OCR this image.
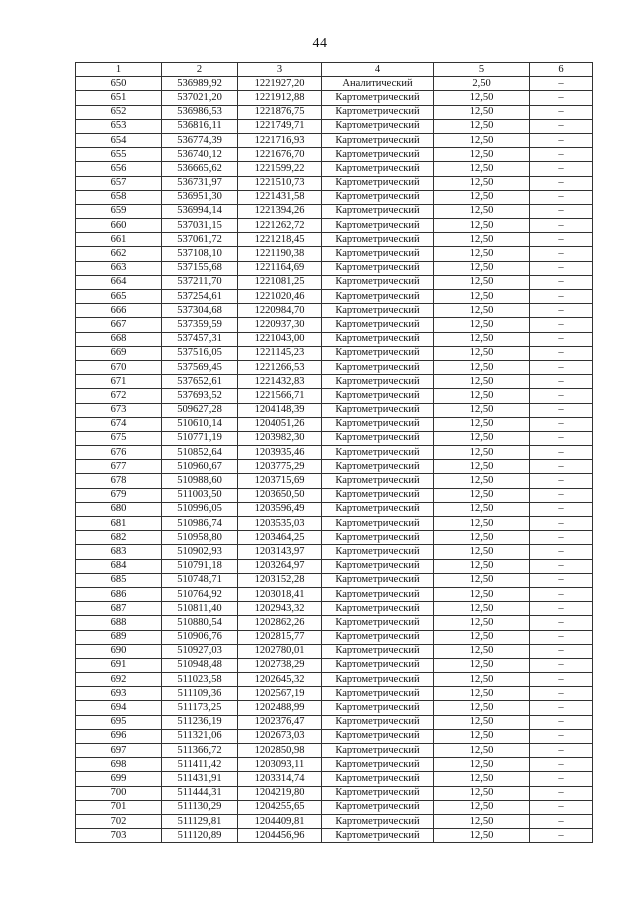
44
1	2	3	4	5	6
650	536989,92	1221927,20	Аналитический	2,50	–
651	537021,20	1221912,88	Картометрический	12,50	–
652	536986,53	1221876,75	Картометрический	12,50	–
653	536816,11	1221749,71	Картометрический	12,50	–
654	536774,39	1221716,93	Картометрический	12,50	–
655	536740,12	1221676,70	Картометрический	12,50	–
656	536665,62	1221599,22	Картометрический	12,50	–
657	536731,97	1221510,73	Картометрический	12,50	–
658	536951,30	1221431,58	Картометрический	12,50	–
659	536994,14	1221394,26	Картометрический	12,50	–
660	537031,15	1221262,72	Картометрический	12,50	–
661	537061,72	1221218,45	Картометрический	12,50	–
662	537108,10	1221190,38	Картометрический	12,50	–
663	537155,68	1221164,69	Картометрический	12,50	–
664	537211,70	1221081,25	Картометрический	12,50	–
665	537254,61	1221020,46	Картометрический	12,50	–
666	537304,68	1220984,70	Картометрический	12,50	–
667	537359,59	1220937,30	Картометрический	12,50	–
668	537457,31	1221043,00	Картометрический	12,50	–
669	537516,05	1221145,23	Картометрический	12,50	–
670	537569,45	1221266,53	Картометрический	12,50	–
671	537652,61	1221432,83	Картометрический	12,50	–
672	537693,52	1221566,71	Картометрический	12,50	–
673	509627,28	1204148,39	Картометрический	12,50	–
674	510610,14	1204051,26	Картометрический	12,50	–
675	510771,19	1203982,30	Картометрический	12,50	–
676	510852,64	1203935,46	Картометрический	12,50	–
677	510960,67	1203775,29	Картометрический	12,50	–
678	510988,60	1203715,69	Картометрический	12,50	–
679	511003,50	1203650,50	Картометрический	12,50	–
680	510996,05	1203596,49	Картометрический	12,50	–
681	510986,74	1203535,03	Картометрический	12,50	–
682	510958,80	1203464,25	Картометрический	12,50	–
683	510902,93	1203143,97	Картометрический	12,50	–
684	510791,18	1203264,97	Картометрический	12,50	–
685	510748,71	1203152,28	Картометрический	12,50	–
686	510764,92	1203018,41	Картометрический	12,50	–
687	510811,40	1202943,32	Картометрический	12,50	–
688	510880,54	1202862,26	Картометрический	12,50	–
689	510906,76	1202815,77	Картометрический	12,50	–
690	510927,03	1202780,01	Картометрический	12,50	–
691	510948,48	1202738,29	Картометрический	12,50	–
692	511023,58	1202645,32	Картометрический	12,50	–
693	511109,36	1202567,19	Картометрический	12,50	–
694	511173,25	1202488,99	Картометрический	12,50	–
695	511236,19	1202376,47	Картометрический	12,50	–
696	511321,06	1202673,03	Картометрический	12,50	–
697	511366,72	1202850,98	Картометрический	12,50	–
698	511411,42	1203093,11	Картометрический	12,50	–
699	511431,91	1203314,74	Картометрический	12,50	–
700	511444,31	1204219,80	Картометрический	12,50	–
701	511130,29	1204255,65	Картометрический	12,50	–
702	511129,81	1204409,81	Картометрический	12,50	–
703	511120,89	1204456,96	Картометрический	12,50	–
